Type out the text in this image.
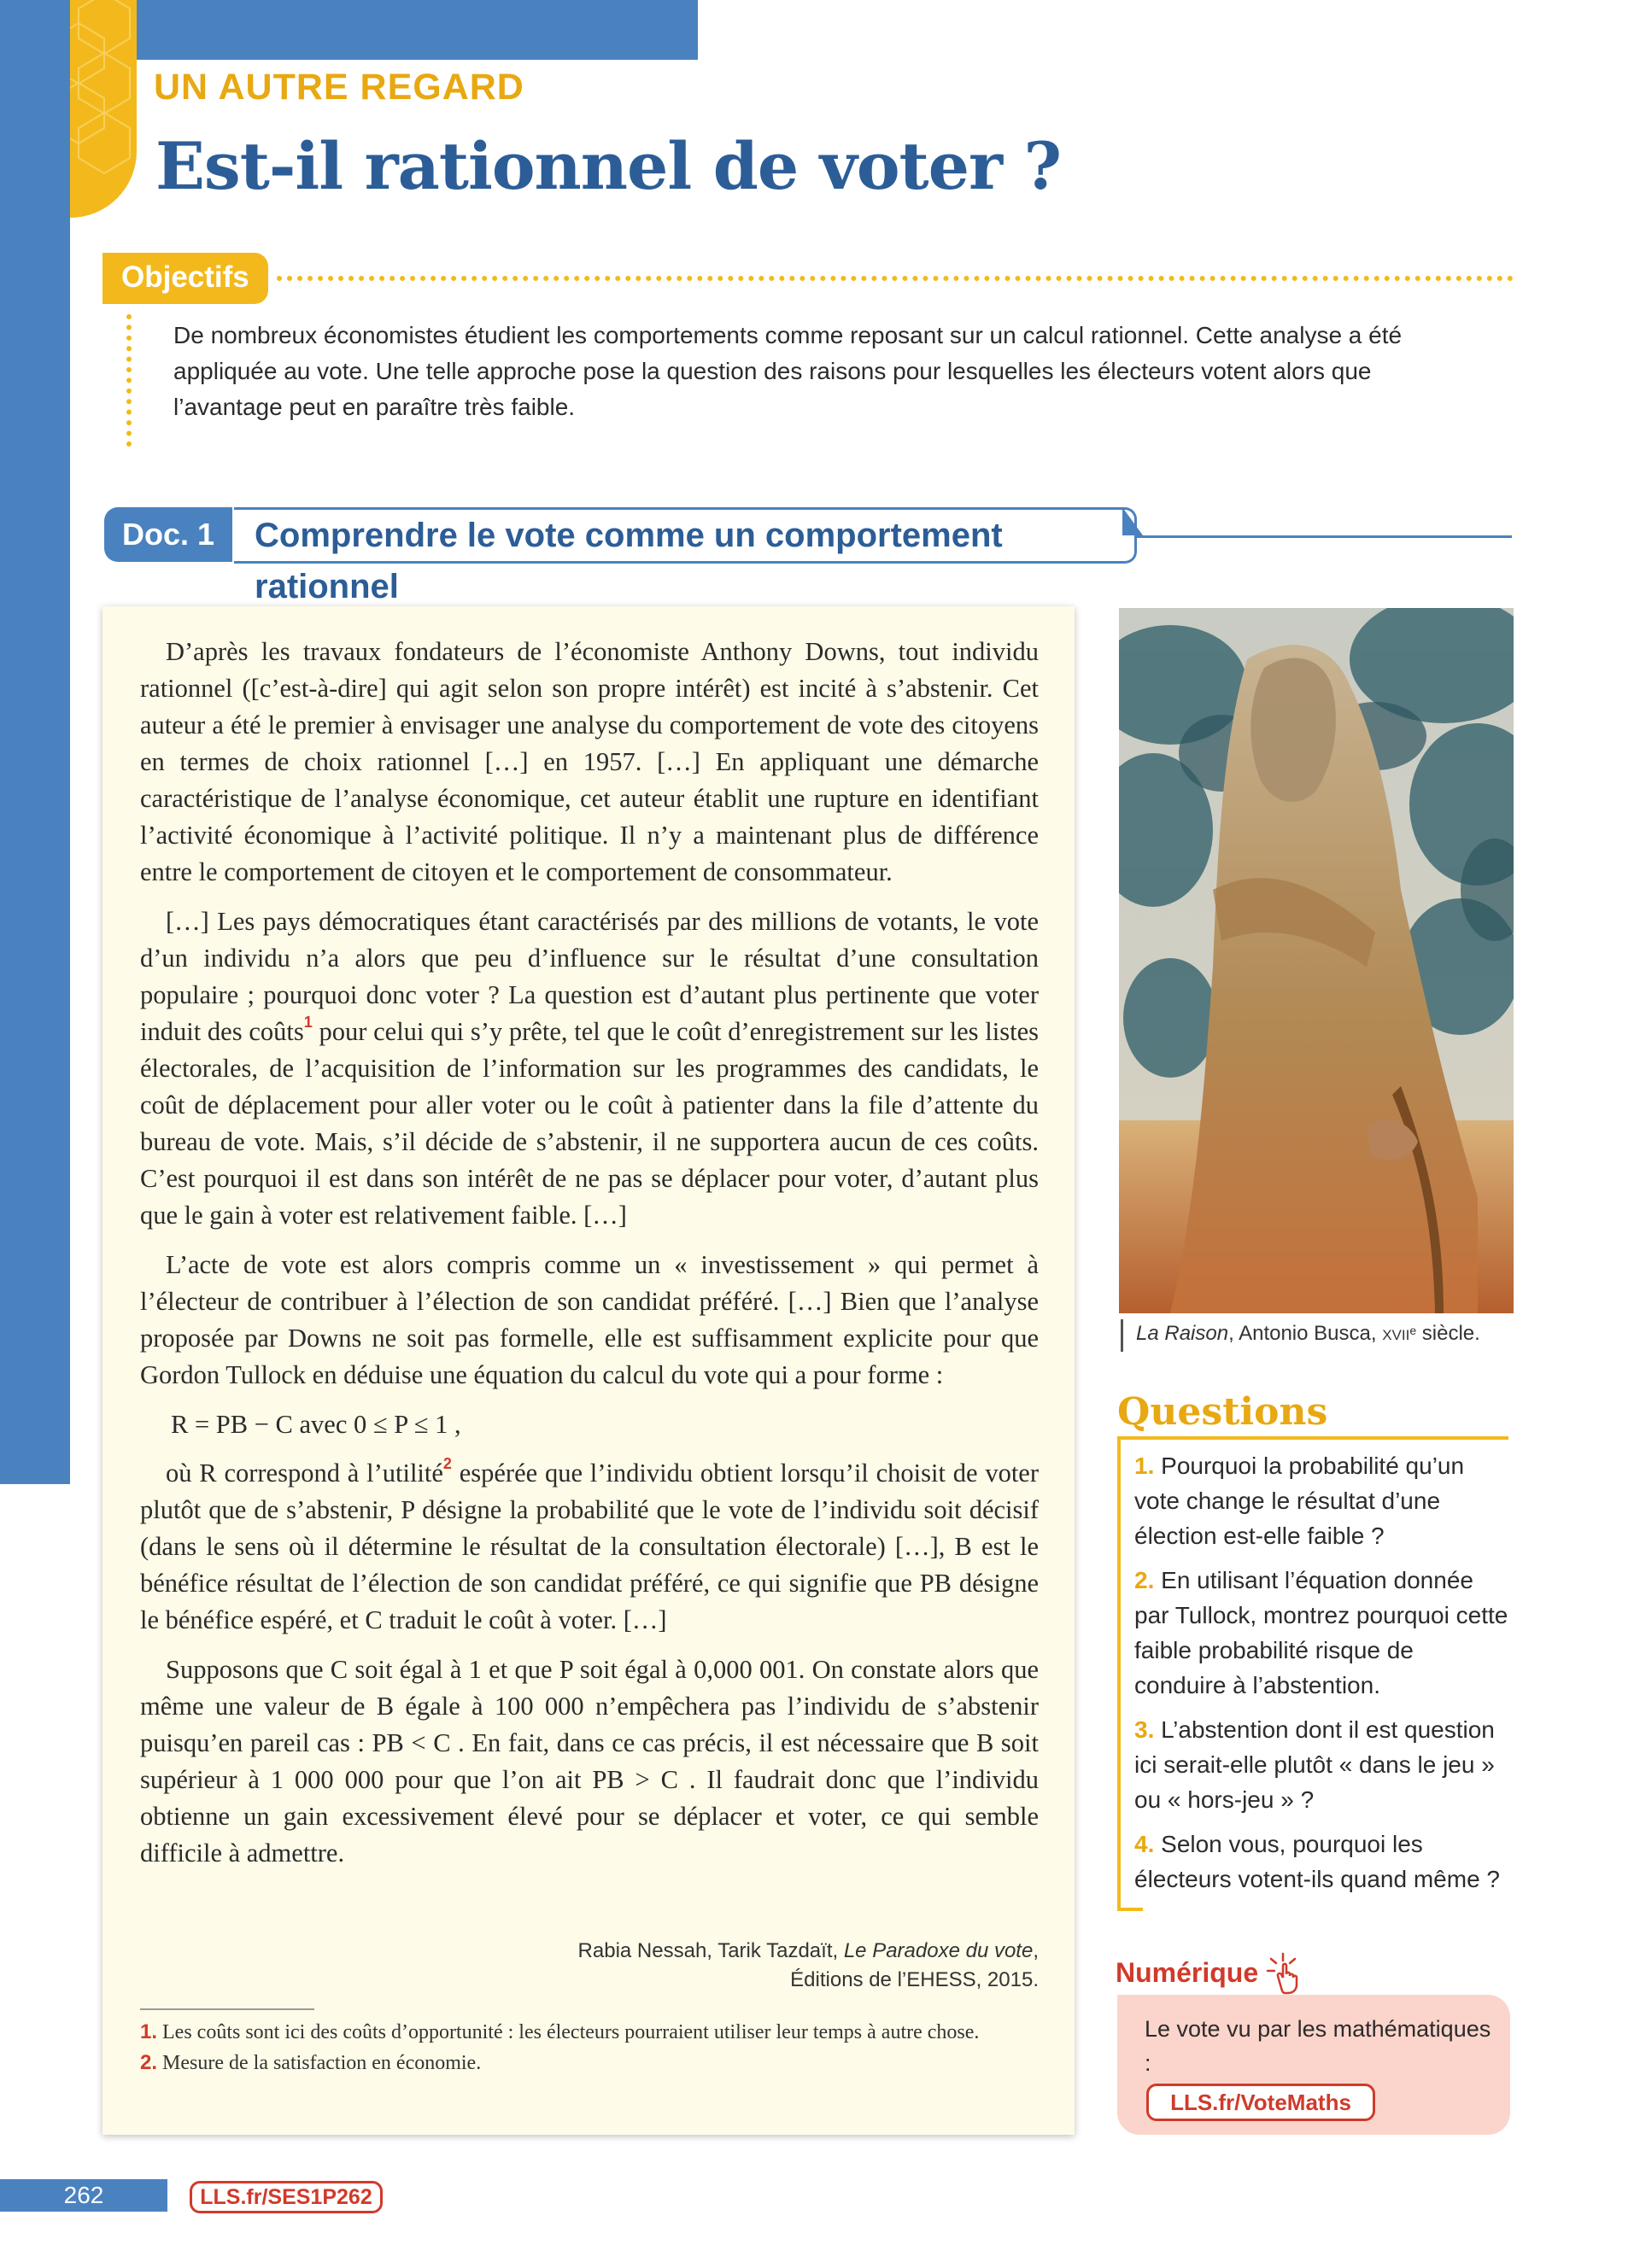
UN AUTRE REGARD
Est-il rationnel de voter ?
Objectifs
De nombreux économistes étudient les comportements comme reposant sur un calcul rationnel. Cette analyse a été appliquée au vote. Une telle approche pose la question des raisons pour lesquelles les électeurs votent alors que l’avantage peut en paraître très faible.
Doc. 1	Comprendre le vote comme un comportement rationnel

D’après les travaux fondateurs de l’économiste Anthony Downs, tout individu rationnel ([c’est-à-dire] qui agit selon son propre intérêt) est incité à s’abstenir. Cet auteur a été le premier à envisager une analyse du comportement de vote des citoyens en termes de choix rationnel […] en 1957. […] En appliquant une démarche caractéristique de l’analyse économique, cet auteur établit une rupture en identifiant l’activité économique à l’activité politique. Il n’y a maintenant plus de différence entre le comportement de citoyen et le comportement de consommateur.

[…] Les pays démocratiques étant caractérisés par des millions de votants, le vote d’un individu n’a alors que peu d’influence sur le résultat d’une consultation populaire ; pourquoi donc voter ? La question est d’autant plus pertinente que voter induit des coûts$^1$ pour celui qui s’y prête, tel que le coût d’enregistrement sur les listes électorales, de l’acquisition de l’information sur les programmes des candidats, le coût de déplacement pour aller voter ou le coût à patienter dans la file d’attente du bureau de vote. Mais, s’il décide de s’abstenir, il ne supportera aucun de ces coûts. C’est pourquoi il est dans son intérêt de ne pas se déplacer pour voter, d’autant plus que le gain à voter est relativement faible. […]

L’acte de vote est alors compris comme un « investissement » qui permet à l’électeur de contribuer à l’élection de son candidat préféré. […] Bien que l’analyse proposée par Downs ne soit pas formelle, elle est suffisamment explicite pour que Gordon Tullock en déduise une équation du calcul du vote qui a pour forme :

R = PB − C avec 0 ≤ P ≤ 1 ,

où R correspond à l’utilité$^2$ espérée que l’individu obtient lorsqu’il choisit de voter plutôt que de s’abstenir, P désigne la probabilité que le vote de l’individu soit décisif (dans le sens où il détermine le résultat de la consultation électorale) […], B est le bénéfice résultat de l’élection de son candidat préféré, ce qui signifie que PB désigne le bénéfice espéré, et C traduit le coût à voter. […]

Supposons que C soit égal à 1 et que P soit égal à 0,000 001. On constate alors que même une valeur de B égale à 100 000 n’empêchera pas l’individu de s’abstenir puisqu’en pareil cas : PB < C . En fait, dans ce cas précis, il est nécessaire que B soit supérieur à 1 000 000 pour que l’on ait PB > C . Il faudrait donc que l’individu obtienne un gain excessivement élevé pour se déplacer et voter, ce qui semble difficile à admettre.

Rabia Nessah, Tarik Tazdaït, Le Paradoxe du vote,
Éditions de l’EHESS, 2015.
1. Les coûts sont ici des coûts d’opportunité : les électeurs pourraient utiliser leur temps à autre chose.
2. Mesure de la satisfaction en économie.
La Raison, Antonio Busca, xvii$^e$ siècle.
Questions
1. Pourquoi la probabilité qu’un vote change le résultat d’une élection est-elle faible ?
2. En utilisant l’équation donnée par Tullock, montrez pourquoi cette faible probabilité risque de conduire à l’abstention.
3. L’abstention dont il est question ici serait-elle plutôt « dans le jeu » ou « hors-jeu » ?
4. Selon vous, pourquoi les électeurs votent-ils quand même ?
Numérique
Le vote vu par les mathématiques :
LLS.fr/VoteMaths
262	LLS.fr/SES1P262
